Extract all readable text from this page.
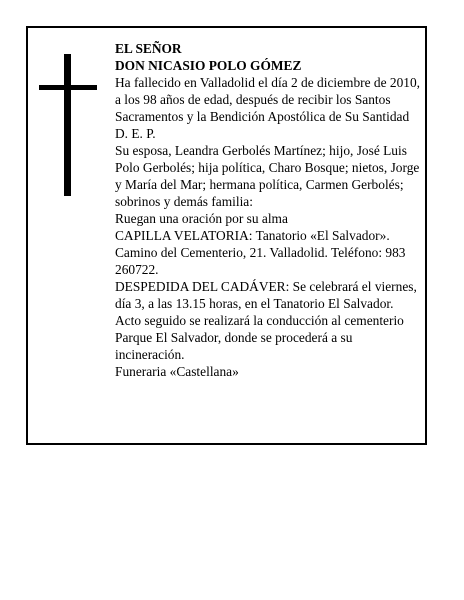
EL SEÑOR

DON NICASIO POLO GÓMEZ

Ha fallecido en Valladolid el día 2 de diciembre de 2010, a los 98 años de edad, después de recibir los Santos Sacramentos y la Bendición Apostólica de Su Santidad

D. E. P.

Su esposa, Leandra Gerbolés Martínez; hijo, José Luis Polo Gerbolés; hija política, Charo Bosque; nietos, Jorge y María del Mar; hermana política, Carmen Gerbolés; sobrinos y demás familia:

Ruegan una oración por su alma

CAPILLA VELATORIA: Tanatorio «El Salvador». Camino del Cementerio, 21. Valladolid. Teléfono: 983 260722.

DESPEDIDA DEL CADÁVER: Se celebrará el viernes, día 3, a las 13.15 horas, en el Tanatorio El Salvador. Acto seguido se realizará la conducción al cementerio Parque El Salvador, donde se procederá a su incineración.

Funeraria «Castellana»
